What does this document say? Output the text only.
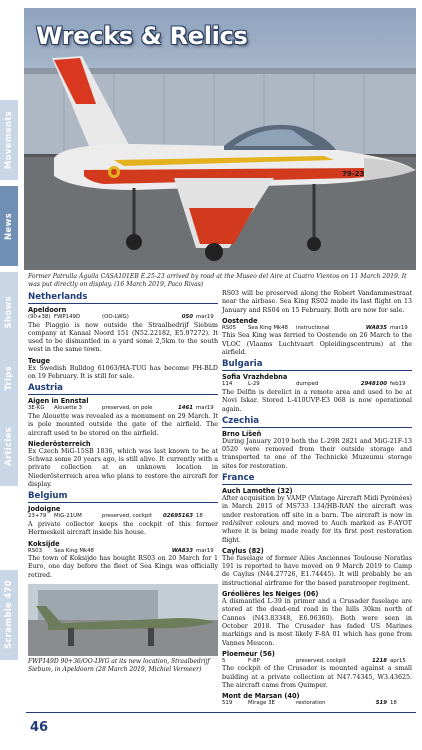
Movements
News
Shows
Trips
Articles
Scramble 470
79-23
Wrecks & Relics
Former Patrulla Águila CASA101EB E.25-23 arrived by road at the Museo del Aire at Cuatro Vientos on 11 March 2019. It was put directly on display. (16 March 2019, Paco Rivas)
Netherlands
Apeldoorn
(90+38) FWP149D	(OO-LWG)	050 mar19
The Piaggio is now outside the Straalbedrijf Siebum company at Kanaal Noord 151 (N52.22182, E5.97272). It used to be dismantled in a yard some 2,5km to the south west in the same town.
Teuge
Ex Swedish Bulldog 61063/HA-TUG has become PH-BLD on 19 February. It is still for sale.
Austria
Aigen in Ennstal
3E-KG	Alouette 3	preserved, on pole	1461 mar19
The Alouette was revealed as a monument on 29 March. It is pole mounted outside the gate of the airfield. The aircraft used to be stored on the airfield.
Niederösterreich
Ex Czech MiG-15SB 1836, which was last known to be at Schwaz some 20 years ago, is still alive. It currently with a private collection at an unknown location in Niederösterreich area who plans to restore the aircraft for display.
Belgium
Jodoigne
23+79	MiG-21UM	preserved, cockpit	02695163 18
A private collector keeps the cockpit of this former Hermeskeil aircraft inside his house.
Koksijde
RS03	Sea King Mk48	WA833 mar19
The town of Koksijde has bought RS03 on 20 March for 1 Euro, one day before the fleet of Sea Kings was officially retired.
FWP149D 90+36/OO-LWG at its new location, Straalbedrijf Siebum, in Apeldoorn (28 March 2019, Michiel Vermeer)
RS03 will be preserved along the Robert Vandammestraat near the airbase. Sea King RS02 made its last flight on 13 January and RS04 on 15 February. Both are now for sale.
Oostende
RS05	Sea King Mk48	instructional	WA835 mar19
This Sea King was ferried to Oostende on 26 March to the VLOC (Vlaams Luchtvaart Opleidingscentrum) at the airfield.
Bulgaria
Sofia Vrazhdebna
114	L-29	dumped	2948100 feb19
The Delfin is derelict in a remote area and used to be at Novi Iskar. Stored L-410UVP-E3 068 is now operational again.
Czechia
Brno Líšeň
During January 2019 both the L-29R 2821 and MiG-21F-13 0520 were removed from their outside storage and transported to one of the Technické Muzeumu storage sites for restoration.
France
Auch Lamothe (32)
After acquisition by VAMP (Vintage Aircraft Midi Pyrénées) in March 2015 of MS733 134/HB-RAN the aircraft was under restoration off site in a barn. The aircraft is now in red/silver colours and moved to Auch marked as F-AYOT where it is being made ready for its first post restoration flight.
Caylus (82)
The fuselage of former Ailes Anciennes Toulouse Noratlas 191 is reported to have moved on 9 March 2019 to Camp de Caylus (N44.27726, E1.74445). It will probably be an instructional airframe for the based paratrooper regiment.
Gréolières les Neiges (06)
A dismantled L-39 in primer and a Crusader fuselage are stored at the dead-end road in the hills 30km north of Cannes (N43.83348, E6.96360). Both were seen in October 2018. The Crusader has faded US Marines markings and is most likely F-8A 01 which has gone from Vannes Meucon.
Ploemeur (56)
5	F-8P	preserved, cockpit	1218 apr15
The cockpit of the Crusader is mounted against a small building at a private collection at N47.74345, W3.43625. The aircraft came from Quimper.
Mont de Marsan (40)
519	Mirage 3E	restoration	519 18
46
